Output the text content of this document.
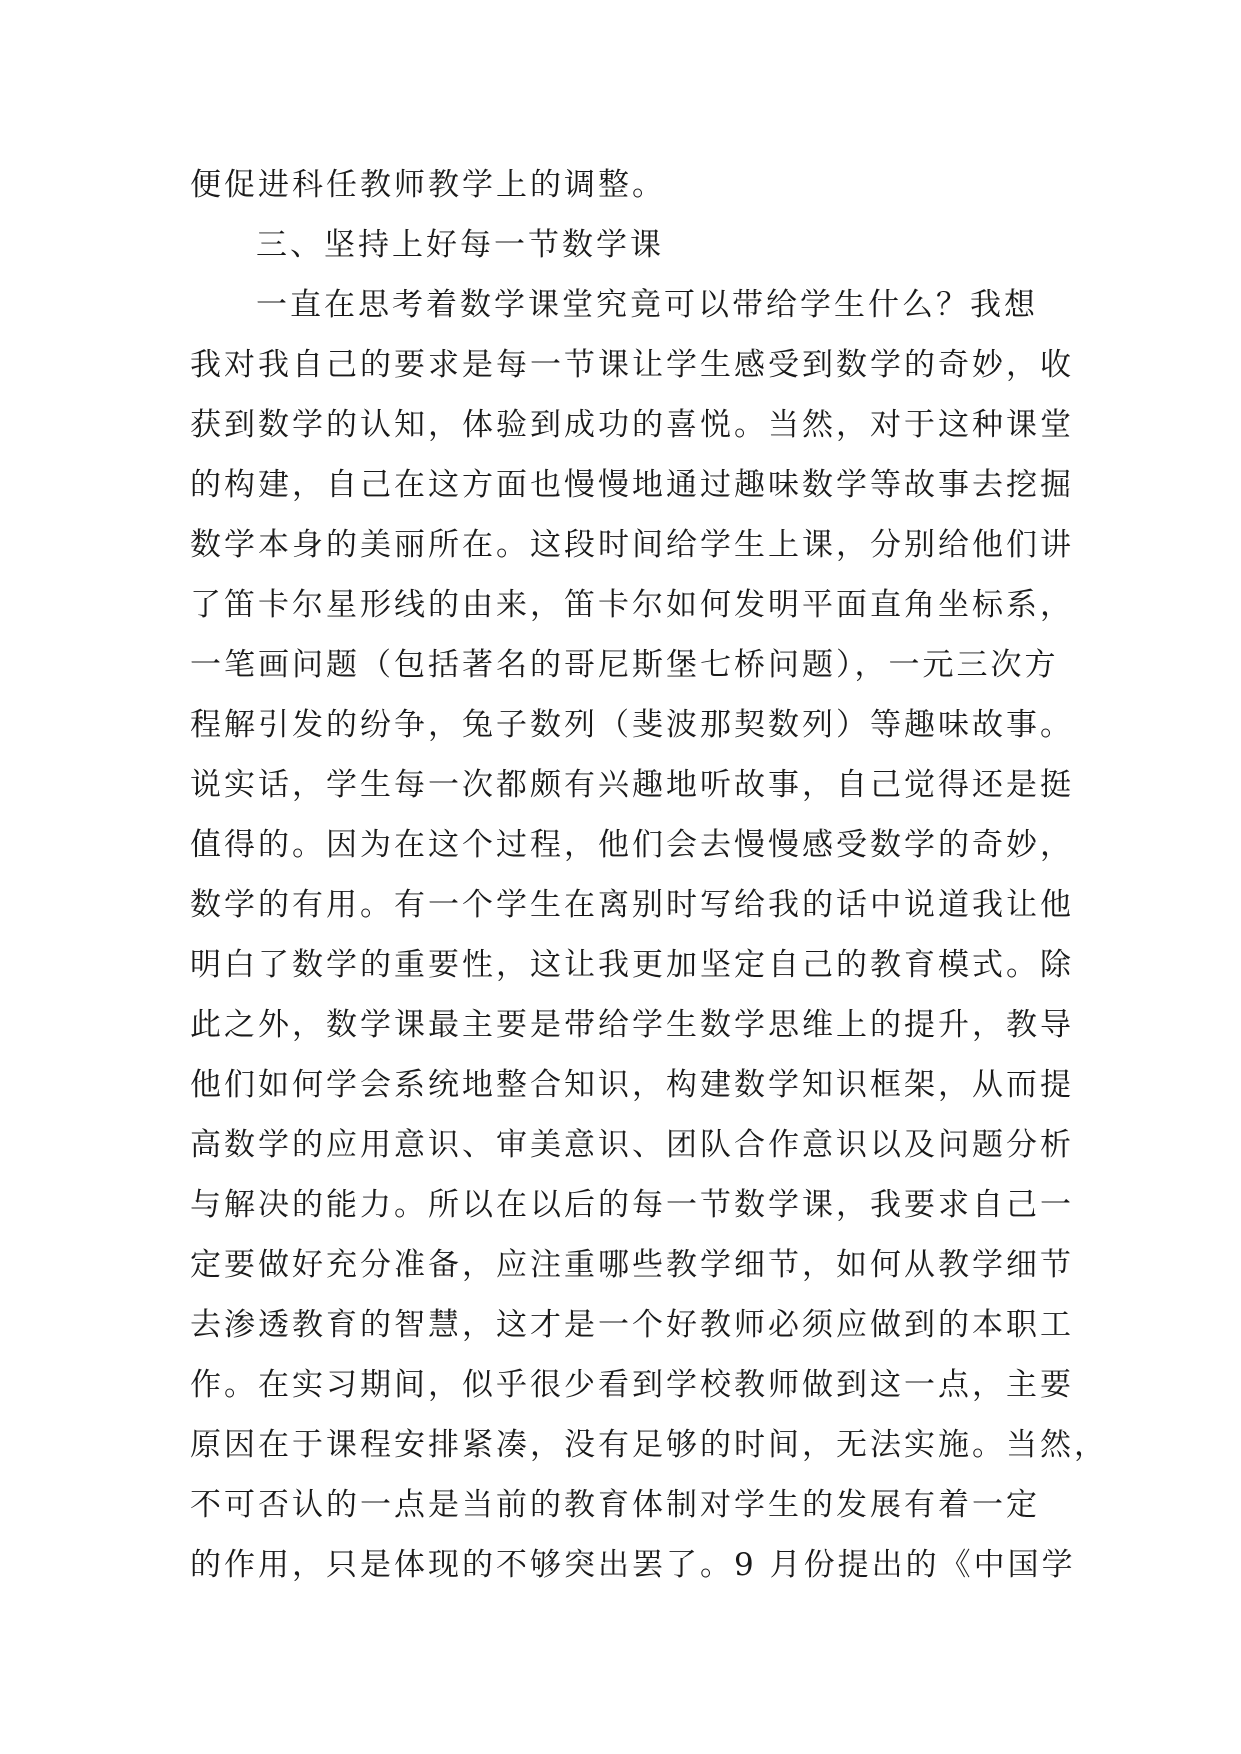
便促进科任教师教学上的调整。
三、坚持上好每一节数学课
一直在思考着数学课堂究竟可以带给学生什么？我想
我对我自己的要求是每一节课让学生感受到数学的奇妙，收
获到数学的认知，体验到成功的喜悦。当然，对于这种课堂
的构建，自己在这方面也慢慢地通过趣味数学等故事去挖掘
数学本身的美丽所在。这段时间给学生上课，分别给他们讲
了笛卡尔星形线的由来，笛卡尔如何发明平面直角坐标系，
一笔画问题（包括著名的哥尼斯堡七桥问题），一元三次方
程解引发的纷争，兔子数列（斐波那契数列）等趣味故事。
说实话，学生每一次都颇有兴趣地听故事，自己觉得还是挺
值得的。因为在这个过程，他们会去慢慢感受数学的奇妙，
数学的有用。有一个学生在离别时写给我的话中说道我让他
明白了数学的重要性，这让我更加坚定自己的教育模式。除
此之外，数学课最主要是带给学生数学思维上的提升，教导
他们如何学会系统地整合知识，构建数学知识框架，从而提
高数学的应用意识、审美意识、团队合作意识以及问题分析
与解决的能力。所以在以后的每一节数学课，我要求自己一
定要做好充分准备，应注重哪些教学细节，如何从教学细节
去渗透教育的智慧，这才是一个好教师必须应做到的本职工
作。在实习期间，似乎很少看到学校教师做到这一点，主要
原因在于课程安排紧凑，没有足够的时间，无法实施。当然，
不可否认的一点是当前的教育体制对学生的发展有着一定
的作用，只是体现的不够突出罢了。9 月份提出的《中国学
